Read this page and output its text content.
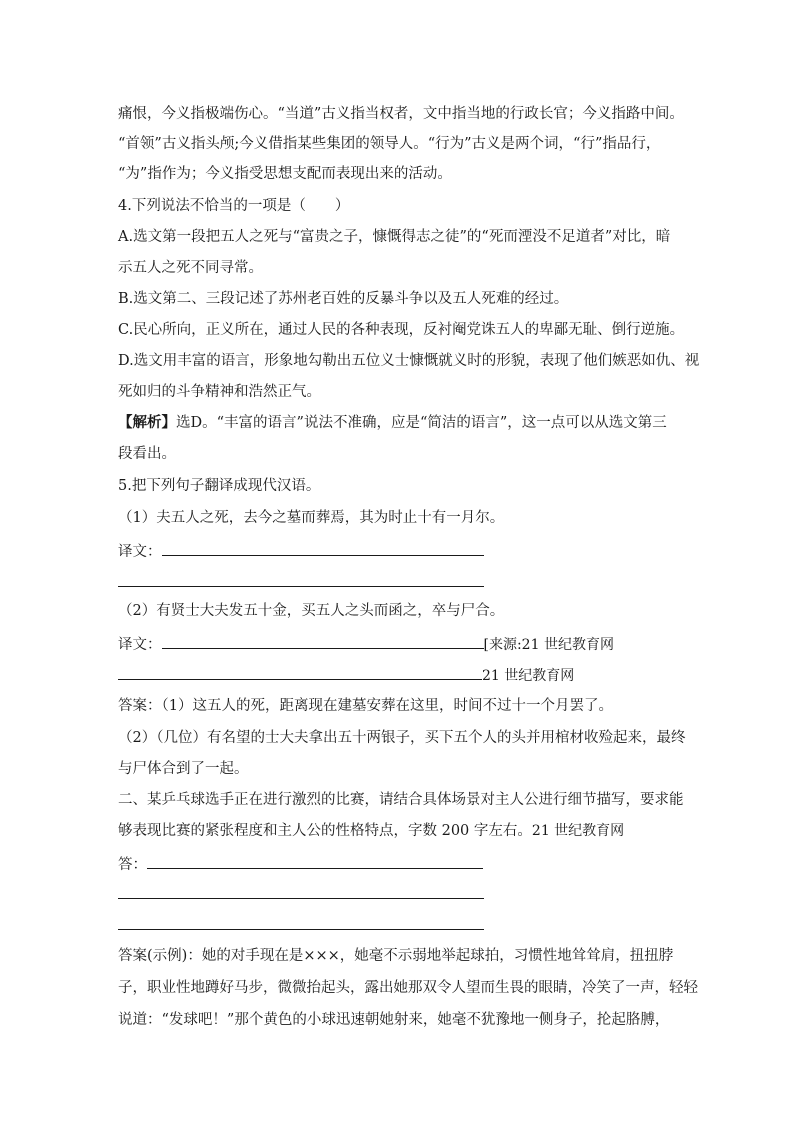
痛恨，今义指极端伤心。“当道”古义指当权者，文中指当地的行政长官；今义指路中间。
“首领”古义指头颅;今义借指某些集团的领导人。“行为”古义是两个词，“行”指品行，
“为”指作为；今义指受思想支配而表现出来的活动。
4.下列说法不恰当的一项是（　　）
A.选文第一段把五人之死与“富贵之子，慷慨得志之徒”的“死而湮没不足道者”对比，暗
示五人之死不同寻常。
B.选文第二、三段记述了苏州老百姓的反暴斗争以及五人死难的经过。
C.民心所向，正义所在，通过人民的各种表现，反衬阉党诛五人的卑鄙无耻、倒行逆施。
D.选文用丰富的语言，形象地勾勒出五位义士慷慨就义时的形貌，表现了他们嫉恶如仇、视
死如归的斗争精神和浩然正气。
【解析】选D。“丰富的语言”说法不准确，应是“简洁的语言”，这一点可以从选文第三
段看出。
5.把下列句子翻译成现代汉语。
（1）夫五人之死，去今之墓而葬焉，其为时止十有一月尔。
译文：
（2）有贤士大夫发五十金，买五人之头而函之，卒与尸合。
译文：	[来源:21 世纪教育网
21 世纪教育网
答案：（1）这五人的死，距离现在建墓安葬在这里，时间不过十一个月罢了。
（2）（几位）有名望的士大夫拿出五十两银子，买下五个人的头并用棺材收殓起来，最终
与尸体合到了一起。
二、某乒乓球选手正在进行激烈的比赛，请结合具体场景对主人公进行细节描写，要求能
够表现比赛的紧张程度和主人公的性格特点，字数 200 字左右。21 世纪教育网
答：
答案(示例)：她的对手现在是×××，她毫不示弱地举起球拍，习惯性地耸耸肩，扭扭脖
子，职业性地蹲好马步，微微抬起头，露出她那双令人望而生畏的眼睛，冷笑了一声，轻轻
说道：“发球吧！”那个黄色的小球迅速朝她射来，她毫不犹豫地一侧身子，抡起胳膊，
